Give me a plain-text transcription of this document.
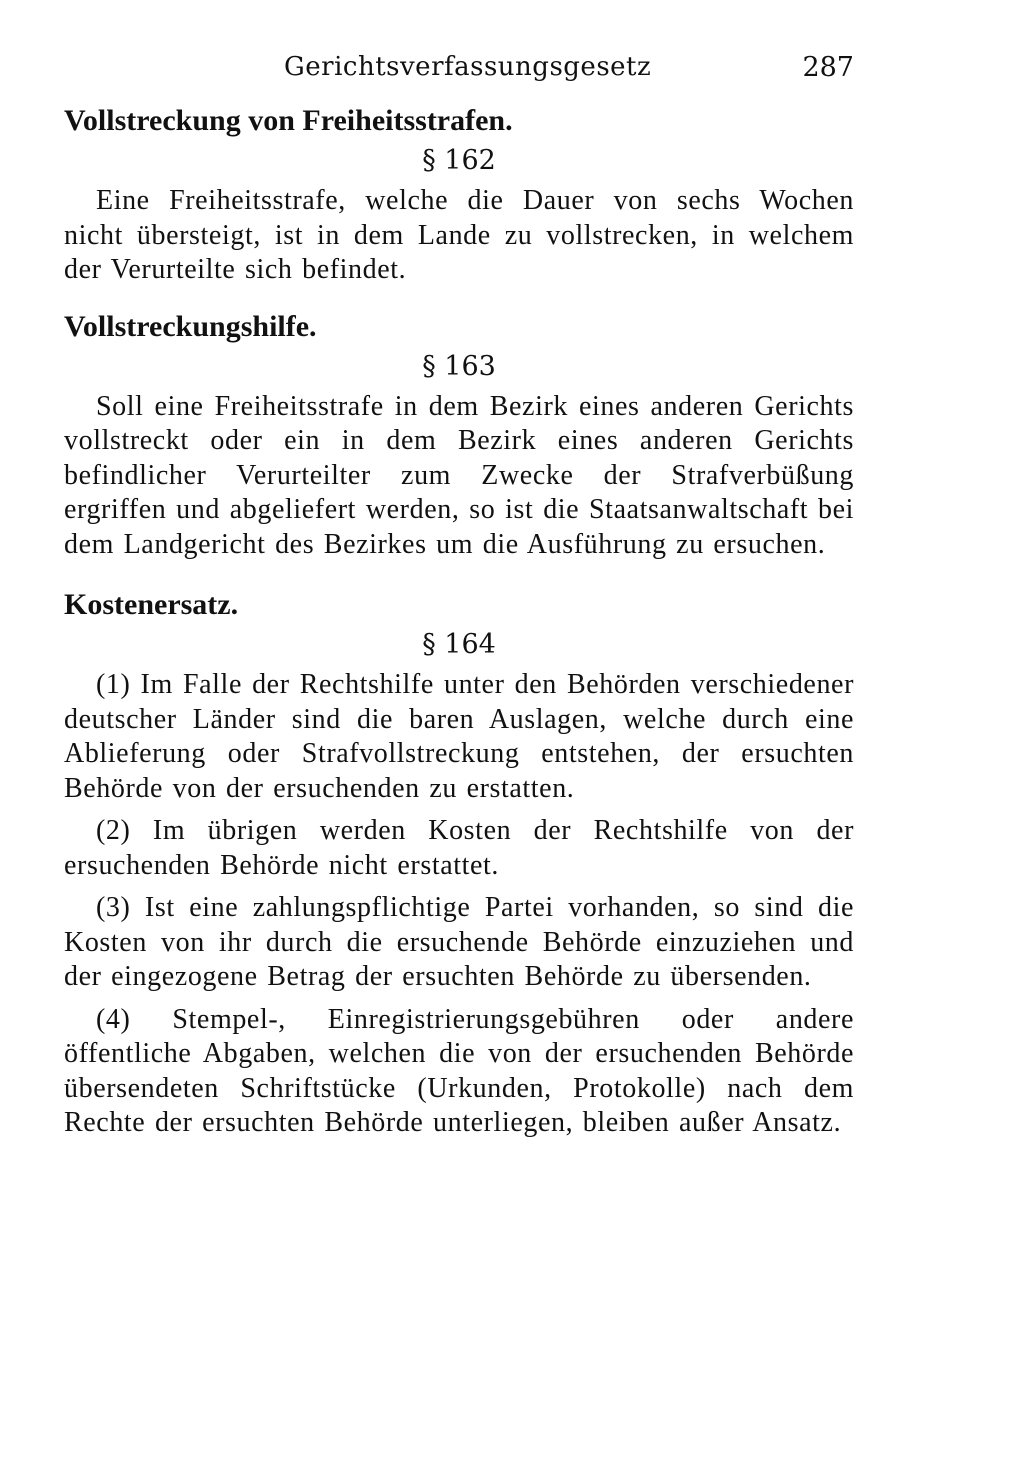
Gerichtsverfassungsgesetz	287
Vollstreckung von Freiheitsstrafen.
§ 162

Eine Freiheitsstrafe, welche die Dauer von sechs Wochen nicht übersteigt, ist in dem Lande zu vollstrecken, in welchem der Verurteilte sich befindet.

Vollstreckungshilfe.
§ 163

Soll eine Freiheitsstrafe in dem Bezirk eines anderen Gerichts vollstreckt oder ein in dem Bezirk eines anderen Gerichts befindlicher Verurteilter zum Zwecke der Strafverbüßung ergriffen und abgeliefert werden, so ist die Staatsanwaltschaft bei dem Landgericht des Bezirkes um die Ausführung zu ersuchen.

Kostenersatz.
§ 164

(1) Im Falle der Rechtshilfe unter den Behörden verschiedener deutscher Länder sind die baren Auslagen, welche durch eine Ablieferung oder Strafvollstreckung entstehen, der ersuchten Behörde von der ersuchenden zu erstatten.

(2) Im übrigen werden Kosten der Rechtshilfe von der ersuchenden Behörde nicht erstattet.

(3) Ist eine zahlungspflichtige Partei vorhanden, so sind die Kosten von ihr durch die ersuchende Behörde einzuziehen und der eingezogene Betrag der ersuchten Behörde zu übersenden.

(4) Stempel-, Einregistrierungsgebühren oder andere öffentliche Abgaben, welchen die von der ersuchenden Behörde übersendeten Schriftstücke (Urkunden, Protokolle) nach dem Rechte der ersuchten Behörde unterliegen, bleiben außer Ansatz.
